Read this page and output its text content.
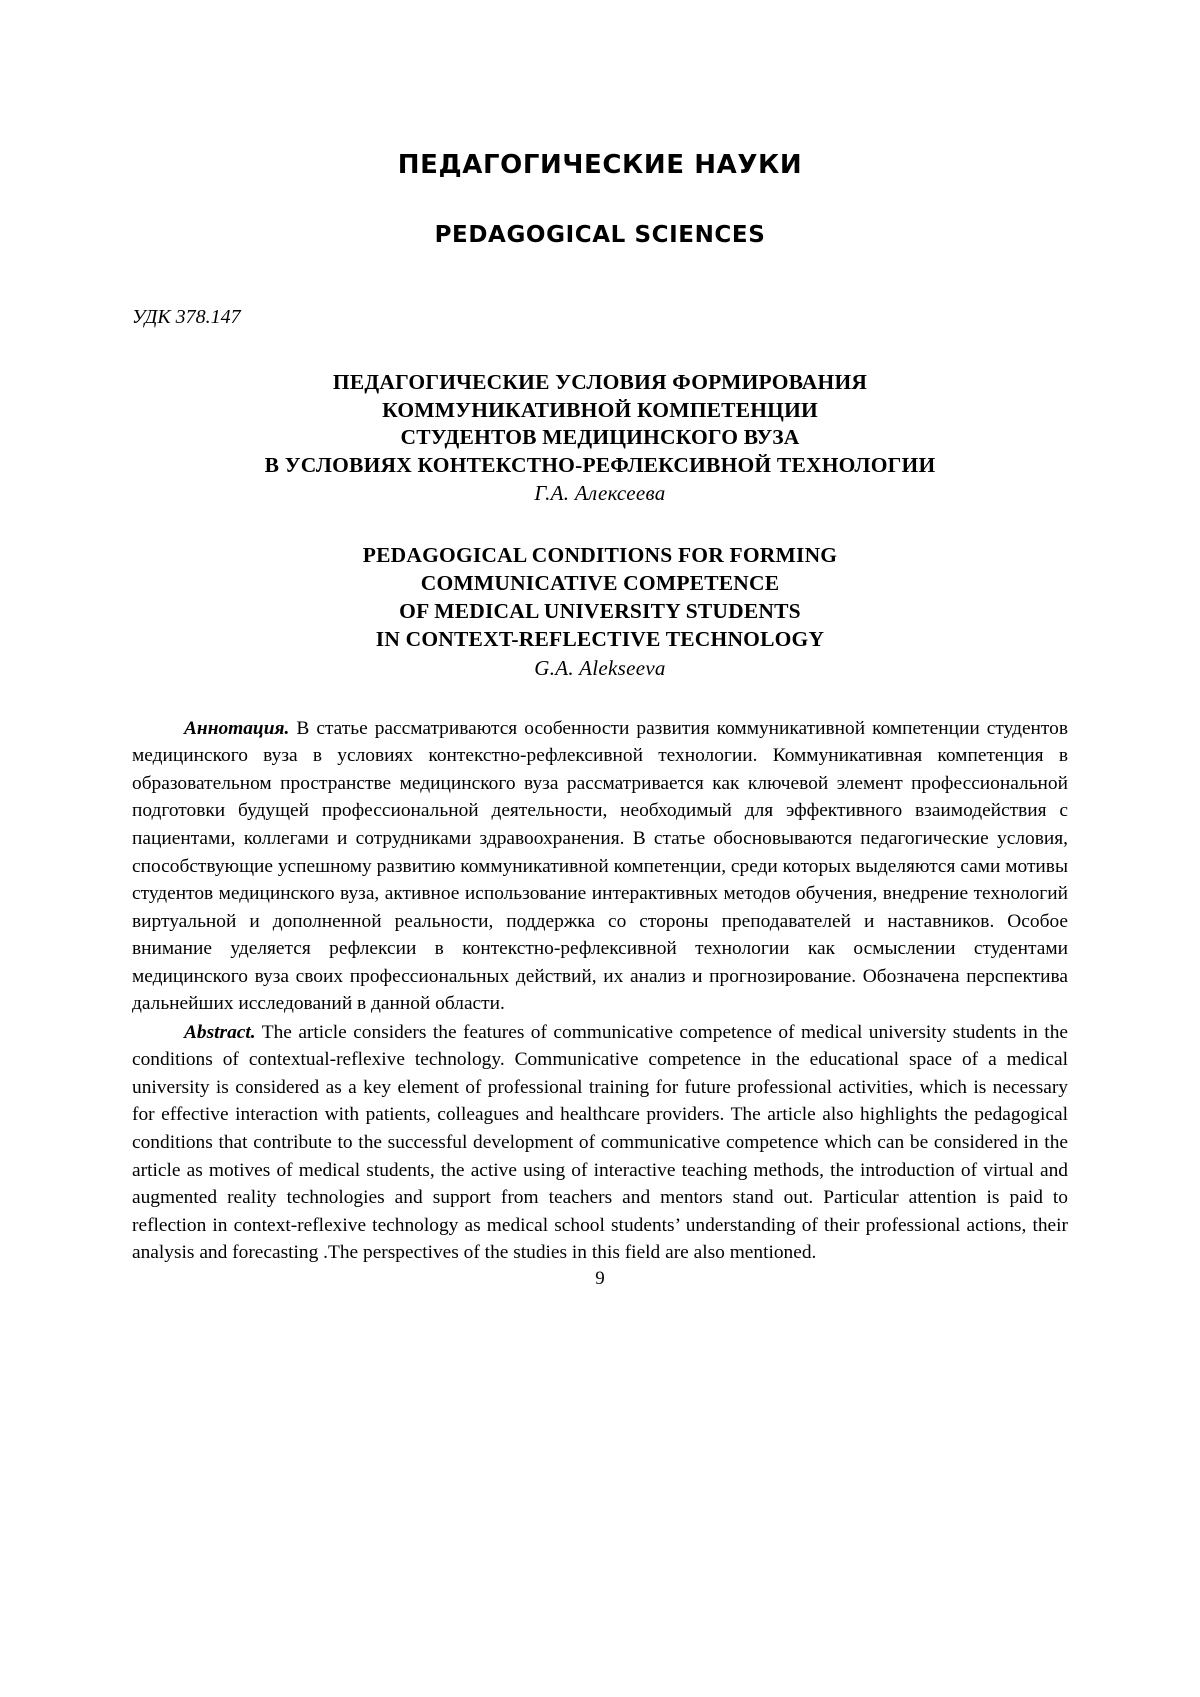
ПЕДАГОГИЧЕСКИЕ НАУКИ
PEDAGOGICAL SCIENCES
УДК 378.147
ПЕДАГОГИЧЕСКИЕ УСЛОВИЯ ФОРМИРОВАНИЯ
КОММУНИКАТИВНОЙ КОМПЕТЕНЦИИ
СТУДЕНТОВ МЕДИЦИНСКОГО ВУЗА
В УСЛОВИЯХ КОНТЕКСТНО-РЕФЛЕКСИВНОЙ ТЕХНОЛОГИИ
Г.А. Алексеева
PEDAGOGICAL CONDITIONS FOR FORMING
COMMUNICATIVE COMPETENCE
OF MEDICAL UNIVERSITY STUDENTS
IN CONTEXT-REFLECTIVE TECHNOLOGY
G.A. Alekseeva

Аннотация. В статье рассматриваются особенности развития коммуникативной компетенции студентов медицинского вуза в условиях контекстно-рефлексивной технологии. Коммуникативная компетенция в образовательном пространстве медицинского вуза рассматривается как ключевой элемент профессиональной подготовки будущей профессиональной деятельности, необходимый для эффективного взаимодействия с пациентами, коллегами и сотрудниками здравоохранения. В статье обосновываются педагогические условия, способствующие успешному развитию коммуникативной компетенции, среди которых выделяются сами мотивы студентов медицинского вуза, активное использование интерактивных методов обучения, внедрение технологий виртуальной и дополненной реальности, поддержка со стороны преподавателей и наставников. Особое внимание уделяется рефлексии в контекстно-рефлексивной технологии как осмыслении студентами медицинского вуза своих профессиональных действий, их анализ и прогнозирование. Обозначена перспектива дальнейших исследований в данной области.

Abstract. The article considers the features of communicative competence of medical university students in the conditions of contextual-reflexive technology. Communicative competence in the educational space of a medical university is considered as a key element of professional training for future professional activities, which is necessary for effective interaction with patients, colleagues and healthcare providers. The article also highlights the pedagogical conditions that contribute to the successful development of communicative competence which can be considered in the article as motives of medical students, the active using of interactive teaching methods, the introduction of virtual and augmented reality technologies and support from teachers and mentors stand out. Particular attention is paid to reflection in context-reflexive technology as medical school students’ understanding of their professional actions, their analysis and forecasting .The perspectives of the studies in this field are also mentioned.

9
